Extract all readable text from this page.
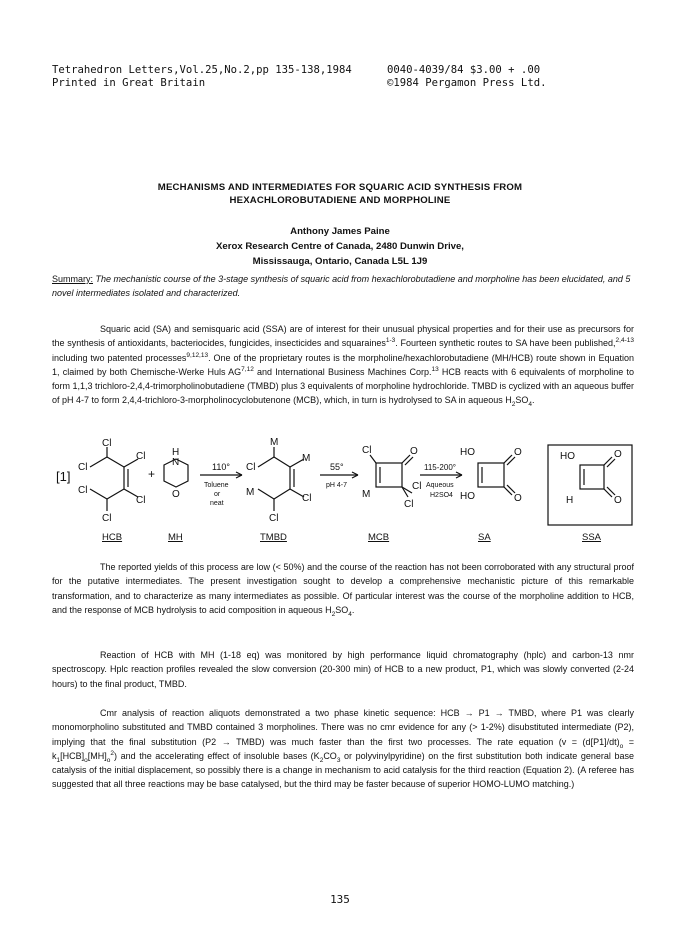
Tetrahedron Letters,Vol.25,No.2,pp 135-138,1984	0040-4039/84 $3.00 + .00
Printed in Great Britain	©1984 Pergamon Press Ltd.
MECHANISMS AND INTERMEDIATES FOR SQUARIC ACID SYNTHESIS FROM
HEXACHLOROBUTADIENE AND MORPHOLINE
Anthony James Paine
Xerox Research Centre of Canada, 2480 Dunwin Drive,
Mississauga, Ontario, Canada L5L 1J9
Summary: The mechanistic course of the 3-stage synthesis of squaric acid from hexachlorobutadiene and morpholine has been elucidated, and 5 novel intermediates isolated and characterized.
Squaric acid (SA) and semisquaric acid (SSA) are of interest for their unusual physical properties and for their use as precursors for the synthesis of antioxidants, bacteriocides, fungicides, insecticides and squaraines$^{1-3}$. Fourteen synthetic routes to SA have been published,$^{2,4-13}$ including two patented processes$^{9,12,13}$. One of the proprietary routes is the morpholine/hexachlorobutadiene (MH/HCB) route shown in Equation 1, claimed by both Chemische-Werke Huls AG$^{7,12}$ and International Business Machines Corp.$^{13}$ HCB reacts with 6 equivalents of morpholine to form 1,1,3 trichloro-2,4,4-trimorpholinobutadiene (TMBD) plus 3 equivalents of morpholine hydrochloride. TMBD is cyclized with an aqueous buffer of pH 4-7 to form 2,4,4-trichloro-3-morpholinocyclobutenone (MCB), which, in turn is hydrolysed to SA in aqueous $H_2SO_4$.
[1]
Cl
Cl
Cl
Cl
Cl
Cl
+
H
N
O
110°
Toluene
or
neat
M
Cl
M
M
Cl
Cl
55°
pH 4-7
Cl	O
M
Cl
Cl
115-200°
Aqueous
H2SO4
HO	O
HO	O
HO	O
H	O
HCB	MH	TMBD	MCB	SA	SSA
The reported yields of this process are low (< 50%) and the course of the reaction has not been corroborated with any structural proof for the putative intermediates. The present investigation sought to develop a comprehensive mechanistic picture of this remarkable transformation, and to characterize as many intermediates as possible. Of particular interest was the course of the morpholine addition to HCB, and the response of MCB hydrolysis to acid composition in aqueous $H_2SO_4$.
Reaction of HCB with MH (1-18 eq) was monitored by high performance liquid chromatography (hplc) and carbon-13 nmr spectroscopy. Hplc reaction profiles revealed the slow conversion (20-300 min) of HCB to a new product, P1, which was slowly converted (2-24 hours) to the final product, TMBD.
Cmr analysis of reaction aliquots demonstrated a two phase kinetic sequence: HCB → P1 → TMBD, where P1 was clearly monomorpholino substituted and TMBD contained 3 morpholines. There was no cmr evidence for any (> 1-2%) disubstituted intermediate (P2), implying that the final substitution (P2 → TMBD) was much faster than the first two processes. The rate equation $(v = (d[P1]/dt)_o = k_1[HCB]_o[MH]_o^2)$ and the accelerating effect of insoluble bases ($K_2CO_3$ or polyvinylpyridine) on the first substitution both indicate general base catalysis of the initial displacement, so possibly there is a change in mechanism to acid catalysis for the third reaction (Equation 2). (A referee has suggested that all three reactions may be base catalysed, but the third may be faster because of superior HOMO-LUMO matching.)
135
